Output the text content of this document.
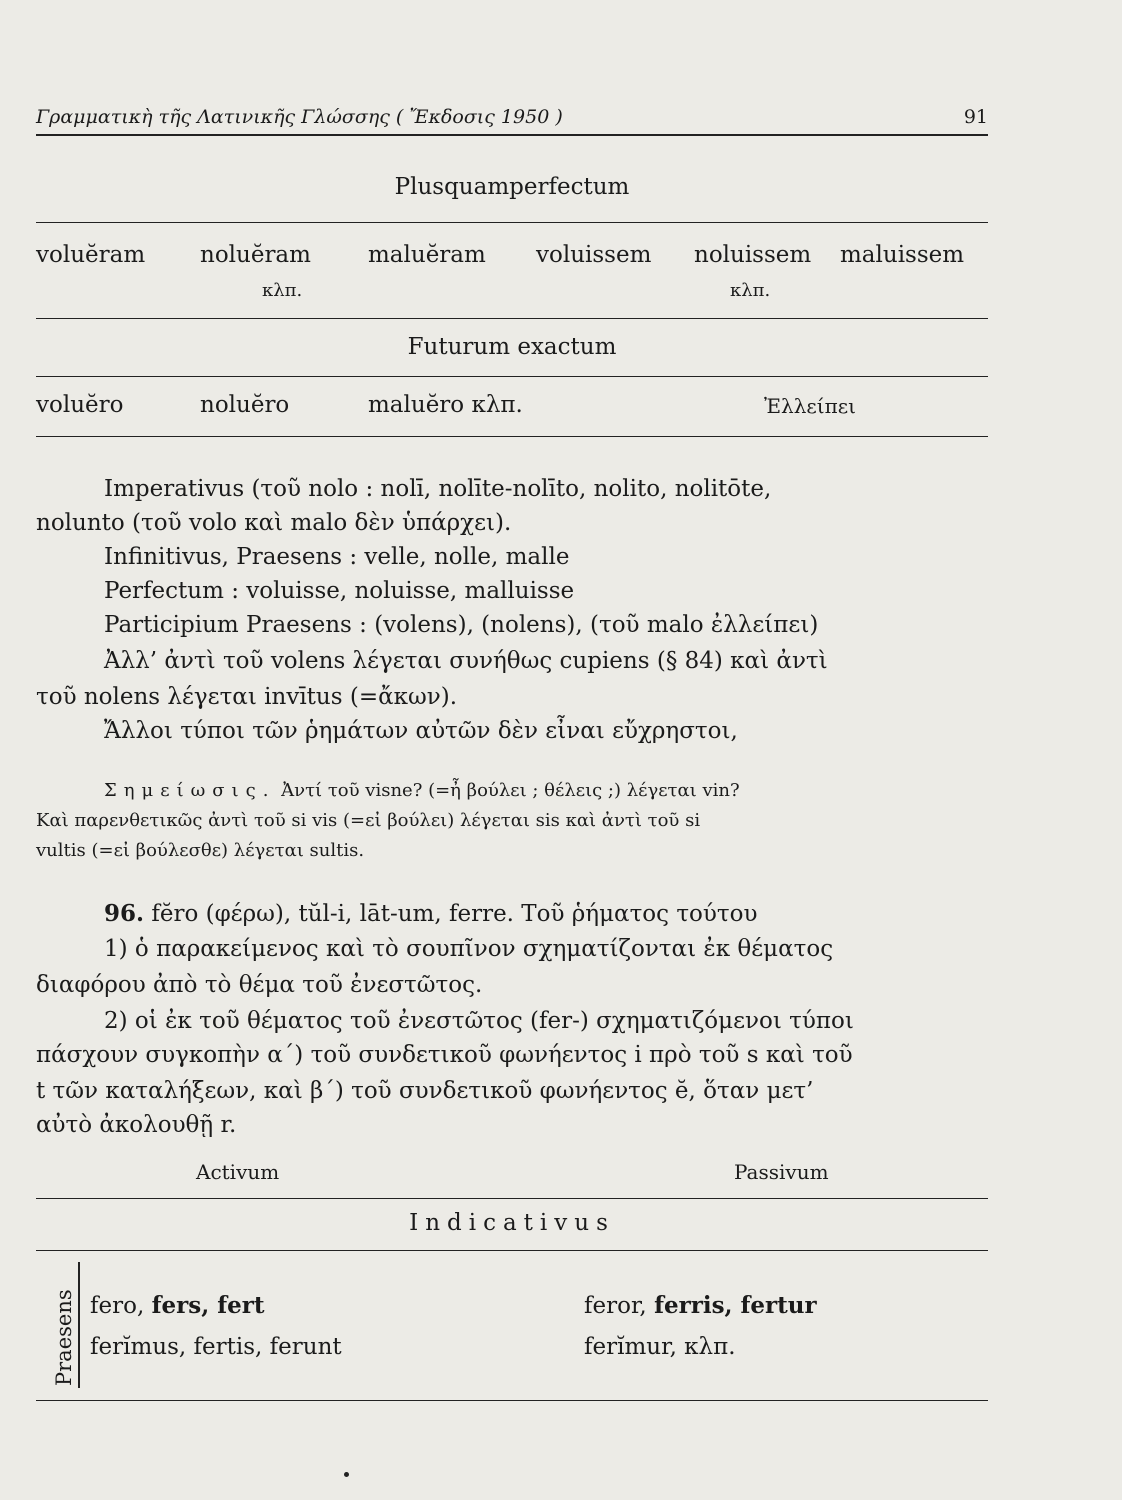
Γραμματικὴ τῆς Λατινικῆς Γλώσσης ( Ἔκδοσις 1950 )	91
Plusquamperfectum
voluĕram noluĕram maluĕram voluissem noluissem maluissem
κλπ.	κλπ.
Futurum exactum
voluĕro	noluĕro	maluĕro κλπ.	Ἐλλείπει
Imperativus (τοῦ nolo : nolī, nolīte-nolīto, nolito, nolitōte,
nolunto (τοῦ volo καὶ malo δὲν ὑπάρχει).
Infinitivus, Praesens : velle, nolle, malle
Perfectum : voluisse, noluisse, malluisse
Participium Praesens : (volens), (nolens), (τοῦ malo ἐλλείπει)
Ἀλλ’ ἀντὶ τοῦ volens λέγεται συνήθως cupiens (§ 84) καὶ ἀντὶ
τοῦ nolens λέγεται invītus (=ἄκων).
Ἄλλοι τύποι τῶν ῥημάτων αὐτῶν δὲν εἶναι εὔχρηστοι,
Σημείωσις. Ἀντί τοῦ visne? (=ἦ βούλει ; θέλεις ;) λέγεται vin?
Καὶ παρενθετικῶς ἀντὶ τοῦ si vis (=εἰ βούλει) λέγεται sis καὶ ἀντὶ τοῦ si
vultis (=εἰ βούλεσθε) λέγεται sultis.
96. fĕro (φέρω), tŭl-i, lāt-um, ferre. Τοῦ ῥήματος τούτου
1) ὁ παρακείμενος καὶ τὸ σουπῖνον σχηματίζονται ἐκ θέματος
διαφόρου ἀπὸ τὸ θέμα τοῦ ἐνεστῶτος.
2) οἱ ἐκ τοῦ θέματος τοῦ ἐνεστῶτος (fer-) σχηματιζόμενοι τύποι
πάσχουν συγκοπὴν α΄) τοῦ συνδετικοῦ φωνήεντος i πρὸ τοῦ s καὶ τοῦ
t τῶν καταλήξεων, καὶ β΄) τοῦ συνδετικοῦ φωνήεντος ĕ, ὅταν μετ’
αὐτὸ ἀκολουθῇ r.
Activum	Passivum
Indicativus
Praesens fero, fers, fert	feror, ferris, fertur
ferĭmus, fertis, ferunt	ferĭmur, κλπ.
